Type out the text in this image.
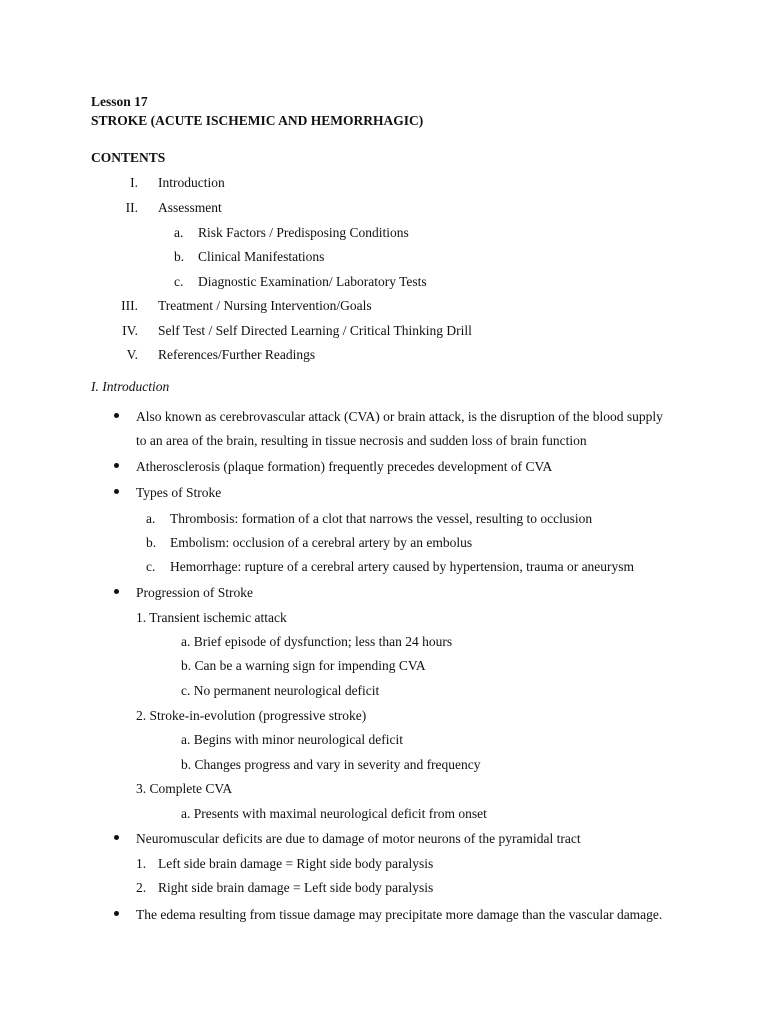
Lesson 17
STROKE (ACUTE ISCHEMIC AND HEMORRHAGIC)
CONTENTS
I. Introduction
II. Assessment
a. Risk Factors / Predisposing Conditions
b. Clinical Manifestations
c. Diagnostic Examination/ Laboratory Tests
III. Treatment / Nursing Intervention/Goals
IV. Self Test / Self Directed Learning / Critical Thinking Drill
V. References/Further Readings
I. Introduction
Also known as cerebrovascular attack (CVA) or brain attack, is the disruption of the blood supply
to an area of the brain, resulting in tissue necrosis and sudden loss of brain function
Atherosclerosis (plaque formation) frequently precedes development of CVA
Types of Stroke
a. Thrombosis: formation of a clot that narrows the vessel, resulting to occlusion
b. Embolism: occlusion of a cerebral artery by an embolus
c. Hemorrhage: rupture of a cerebral artery caused by hypertension, trauma or aneurysm
Progression of Stroke
1. Transient ischemic attack
a. Brief episode of dysfunction; less than 24 hours
b. Can be a warning sign for impending CVA
c. No permanent neurological deficit
2. Stroke-in-evolution (progressive stroke)
a. Begins with minor neurological deficit
b. Changes progress and vary in severity and frequency
3. Complete CVA
a. Presents with maximal neurological deficit from onset
Neuromuscular deficits are due to damage of motor neurons of the pyramidal tract
1. Left side brain damage = Right side body paralysis
2. Right side brain damage = Left side body paralysis
The edema resulting from tissue damage may precipitate more damage than the vascular damage.
